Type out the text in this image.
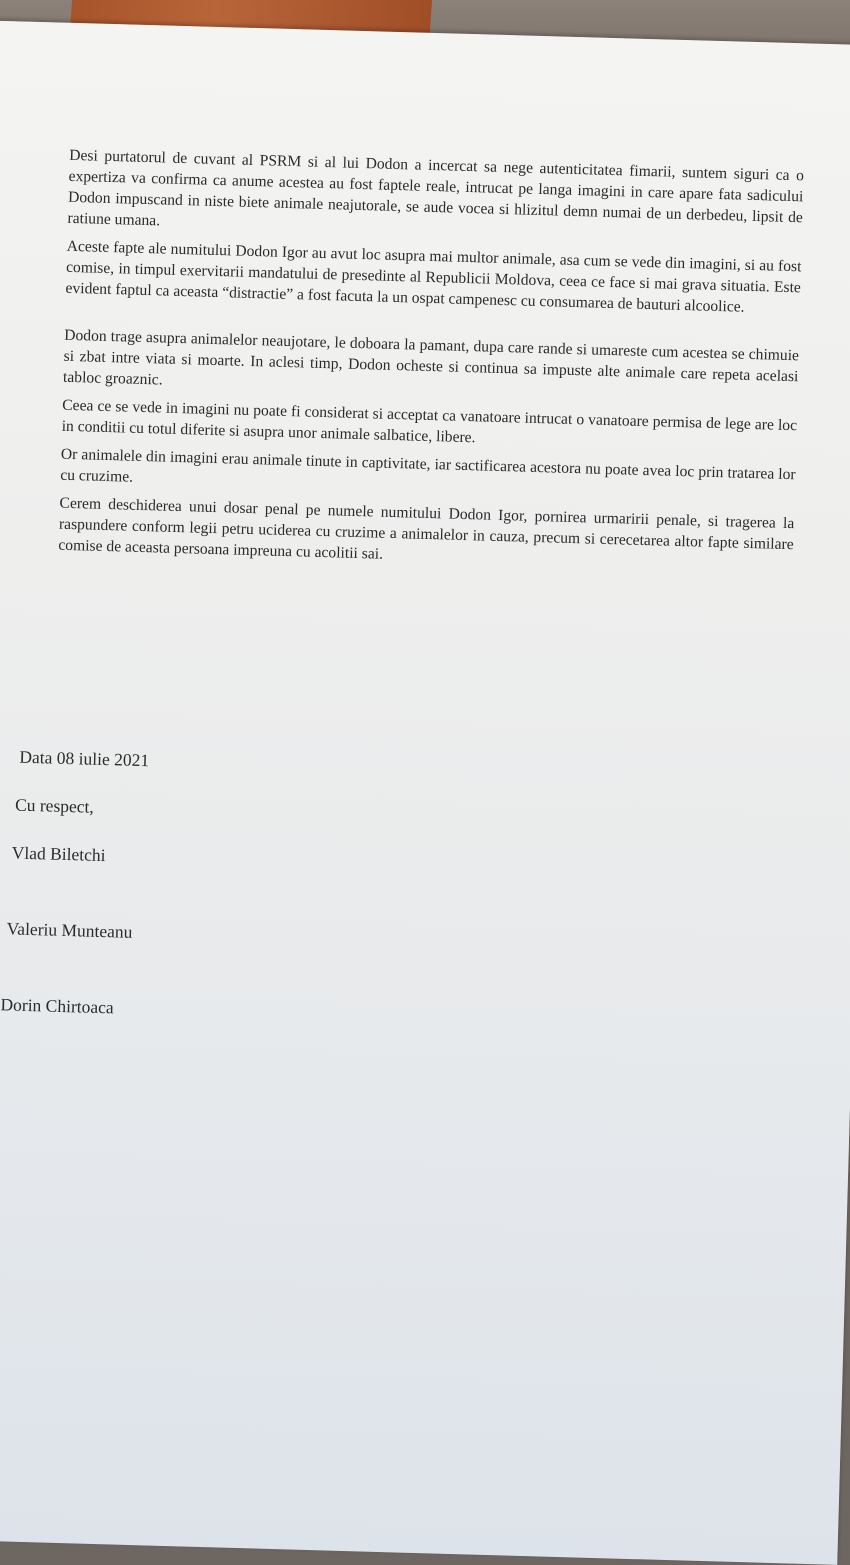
Desi purtatorul de cuvant al PSRM si al lui Dodon a incercat sa nege autenticitatea fimarii, suntem siguri ca o expertiza va confirma ca anume acestea au fost faptele reale, intrucat pe langa imagini in care apare fata sadicului Dodon impuscand in niste biete animale neajutorale, se aude vocea si hlizitul demn numai de un derbedeu, lipsit de ratiune umana.

Aceste fapte ale numitului Dodon Igor au avut loc asupra mai multor animale, asa cum se vede din imagini, si au fost comise, in timpul exervitarii mandatului de presedinte al Republicii Moldova, ceea ce face si mai grava situatia. Este evident faptul ca aceasta “distractie” a fost facuta la un ospat campenesc cu consumarea de bauturi alcoolice.

Dodon trage asupra animalelor neaujotare, le doboara la pamant, dupa care rande si umareste cum acestea se chimuie si zbat intre viata si moarte. In aclesi timp, Dodon ocheste si continua sa impuste alte animale care repeta acelasi tabloc groaznic.

Ceea ce se vede in imagini nu poate fi considerat si acceptat ca vanatoare intrucat o vanatoare permisa de lege are loc in conditii cu totul diferite si asupra unor animale salbatice, libere.

Or animalele din imagini erau animale tinute in captivitate, iar sactificarea acestora nu poate avea loc prin tratarea lor cu cruzime.

Cerem deschiderea unui dosar penal pe numele numitului Dodon Igor, pornirea urmaririi penale, si tragerea la raspundere conform legii petru uciderea cu cruzime a animalelor in cauza, precum si cerecetarea altor fapte similare comise de aceasta persoana impreuna cu acolitii sai.

Data 08 iulie 2021
Cu respect,
Vlad Biletchi
Valeriu Munteanu
Dorin Chirtoaca
